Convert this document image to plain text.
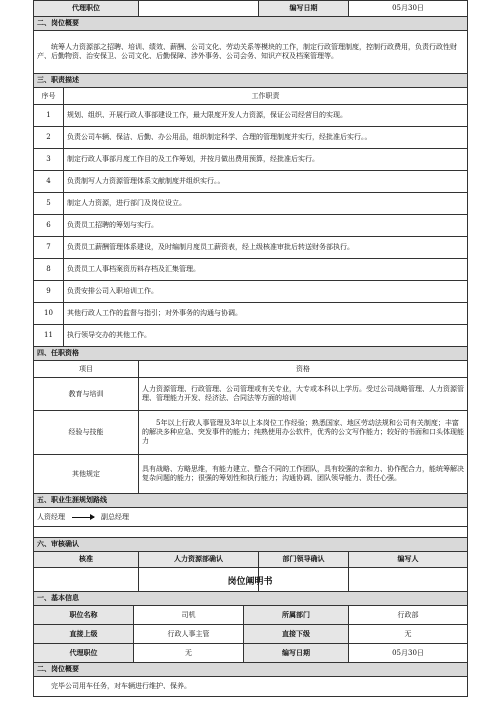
代理职位			编写日期	05月30日
二、岗位概要				
统筹人力资源部之招聘、培训、绩效、薪酬、公司文化、劳动关系等模块的工作，制定行政管理制度，控制行政费用，负责行政性财产、后勤物资、治安保卫、公司文化、后勤保障、涉外事务、公司会务、知识产权及档案管理等。				
三、职责描述				
序号	工作职责			
1	规划、组织、开展行政人事部建设工作，最大限度开发人力资源，保证公司经营目的实现。			
2	负责公司车辆、保洁、后勤、办公用品，组织制定科学、合理的管理制度并实行，经批准后实行。。			
3	制定行政人事部月度工作目的及工作筹划，并按月做出费用预算，经批准后实行。			
4	负责制写人力资源管理体系文献制度并组织实行。。			
5	制定人力资源，进行部门及岗位设立。			
6	负责员工招聘的筹划与实行。			
7	负责员工薪酬管理体系建设，及时编制月度员工薪资表，经上级核准审批后转送财务部执行。			
8	负责员工人事档案资历料存档及汇集管理。			
9	负责安排公司入职培训工作。			
10	其他行政人工作的监督与指引；对外事务的沟通与协调。			
11	执行领导交办的其他工作。			
四、任职资格				
项目		资格		
教育与培训		人力资源管理、行政管理、公司管理或有关专业，大专或本科以上学历。受过公司战略管理、人力资源管理、管理能力开发、经济法、合同法等方面的培训		
经验与技能		5年以上行政人事管理及3年以上本岗位工作经验；熟悉国家、地区劳动法规和公司有关制度；丰富的解决多种应急、突发事件的能力；纯熟使用办公软件，优秀的公文写作能力；较好的书面和口头体现能力		
其他规定		具有战略、方略思维，有能力建立、整合不同的工作团队，具有较强的亲和力、协作配合力，能统筹解决复杂问题的能力；很强的筹划性和执行能力；沟通协调、团队领导能力、责任心强。		
五、职业生涯规划路线				

人资经理 副总经理				

六、审核确认				
核准		人力资源部确认	部门领导确认	编写人

岗位阐明书
一、基本信息			
职位名称	司机	所属部门	行政部
直接上级	行政人事主管	直接下级	无
代理职位	无	编写日期	05月30日
二、岗位概要			
完毕公司用车任务，对车辆进行维护、保养。			
